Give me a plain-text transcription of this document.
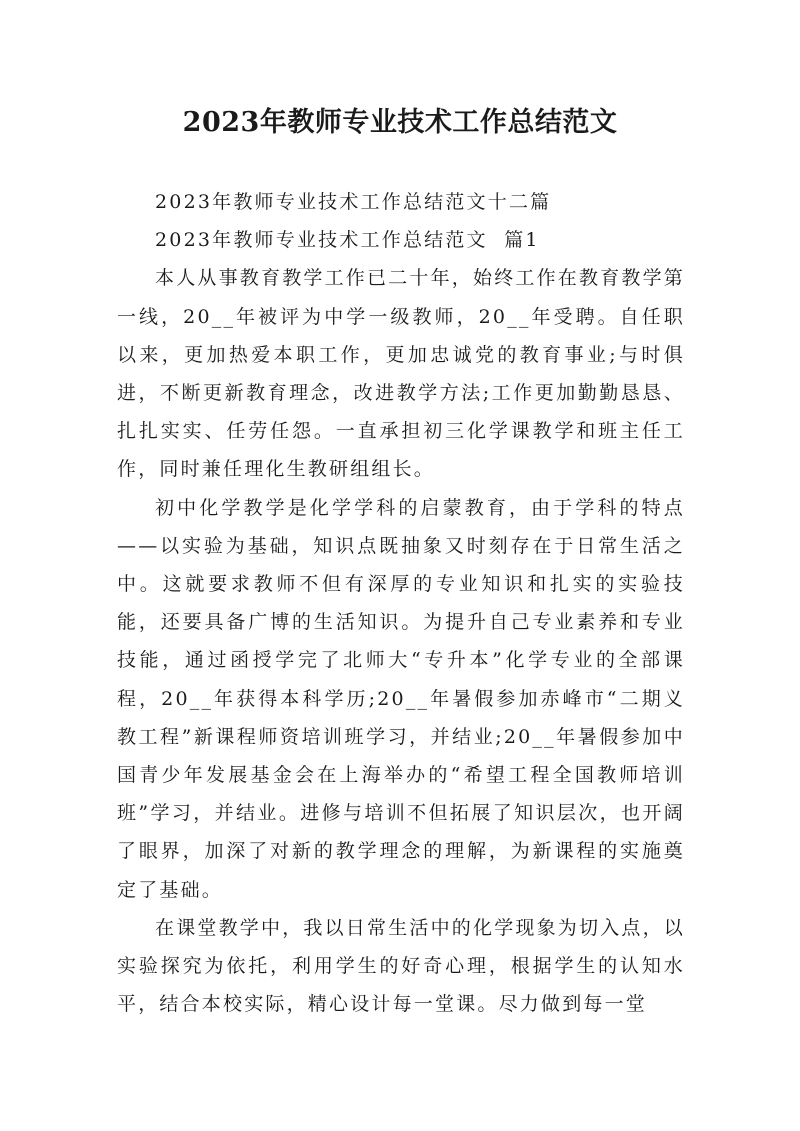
2023年教师专业技术工作总结范文
2023年教师专业技术工作总结范文十二篇
2023年教师专业技术工作总结范文  篇1

本人从事教育教学工作已二十年，始终工作在教育教学第一线，20__年被评为中学一级教师，20__年受聘。自任职以来，更加热爱本职工作，更加忠诚党的教育事业;与时俱进，不断更新教育理念，改进教学方法;工作更加勤勤恳恳、扎扎实实、任劳任怨。一直承担初三化学课教学和班主任工作，同时兼任理化生教研组组长。

初中化学教学是化学学科的启蒙教育，由于学科的特点——以实验为基础，知识点既抽象又时刻存在于日常生活之中。这就要求教师不但有深厚的专业知识和扎实的实验技能，还要具备广博的生活知识。为提升自己专业素养和专业技能，通过函授学完了北师大“专升本”化学专业的全部课程，20__年获得本科学历;20__年暑假参加赤峰市“二期义教工程”新课程师资培训班学习，并结业;20__年暑假参加中国青少年发展基金会在上海举办的“希望工程全国教师培训班”学习，并结业。进修与培训不但拓展了知识层次，也开阔了眼界，加深了对新的教学理念的理解，为新课程的实施奠定了基础。

在课堂教学中，我以日常生活中的化学现象为切入点，以实验探究为依托，利用学生的好奇心理，根据学生的认知水平，结合本校实际，精心设计每一堂课。尽力做到每一堂
